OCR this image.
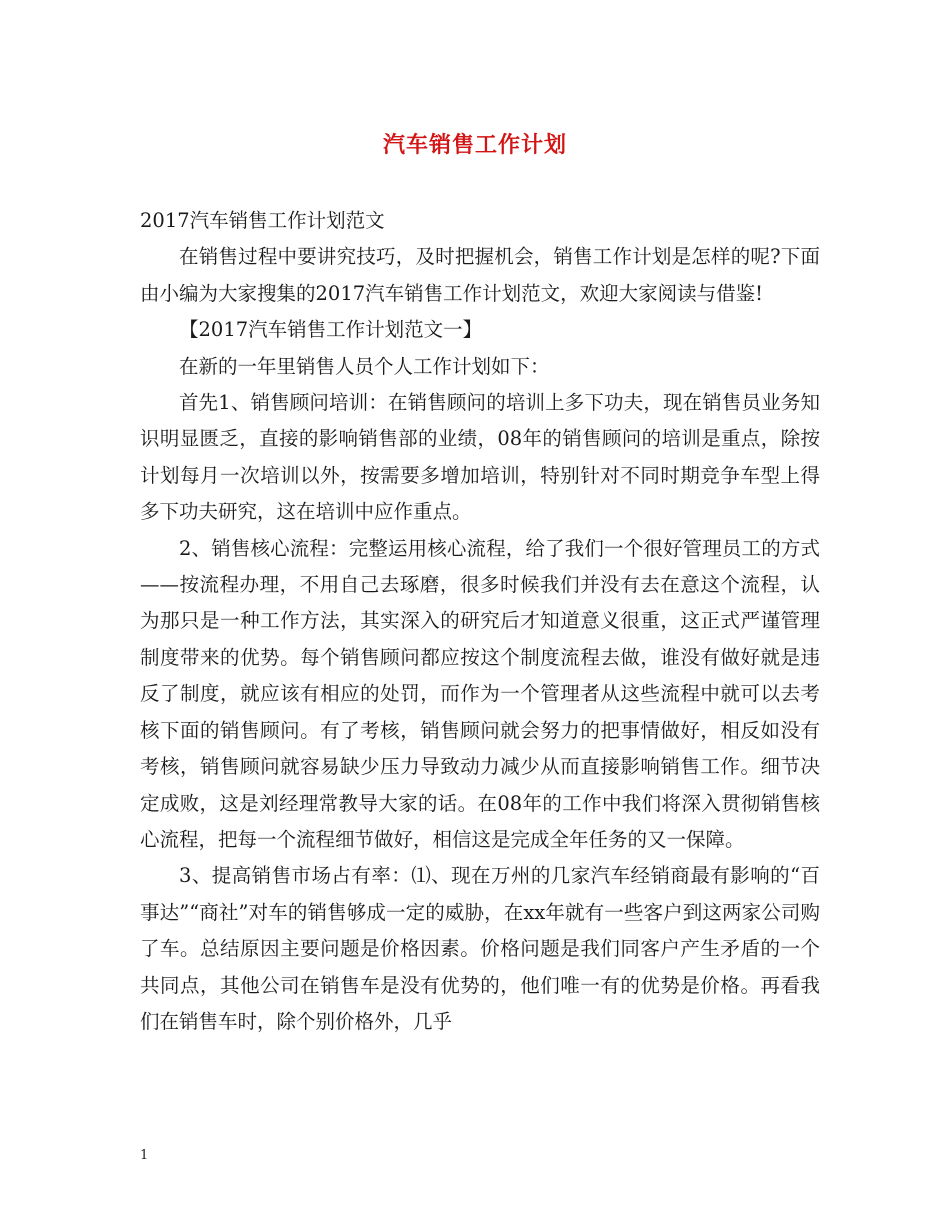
汽车销售工作计划

2017汽车销售工作计划范文

在销售过程中要讲究技巧，及时把握机会，销售工作计划是怎样的呢?下面由小编为大家搜集的2017汽车销售工作计划范文，欢迎大家阅读与借鉴!

【2017汽车销售工作计划范文一】

在新的一年里销售人员个人工作计划如下：

首先1、销售顾问培训：在销售顾问的培训上多下功夫，现在销售员业务知识明显匮乏，直接的影响销售部的业绩，08年的销售顾问的培训是重点，除按计划每月一次培训以外，按需要多增加培训，特别针对不同时期竞争车型上得多下功夫研究，这在培训中应作重点。

2、销售核心流程：完整运用核心流程，给了我们一个很好管理员工的方式——按流程办理，不用自己去琢磨，很多时候我们并没有去在意这个流程，认为那只是一种工作方法，其实深入的研究后才知道意义很重，这正式严谨管理制度带来的优势。每个销售顾问都应按这个制度流程去做，谁没有做好就是违反了制度，就应该有相应的处罚，而作为一个管理者从这些流程中就可以去考核下面的销售顾问。有了考核，销售顾问就会努力的把事情做好，相反如没有考核，销售顾问就容易缺少压力导致动力减少从而直接影响销售工作。细节决定成败，这是刘经理常教导大家的话。在08年的工作中我们将深入贯彻销售核心流程，把每一个流程细节做好，相信这是完成全年任务的又一保障。

3、提高销售市场占有率：⑴、现在万州的几家汽车经销商最有影响的“百事达”“商社”对车的销售够成一定的威胁，在xx年就有一些客户到这两家公司购了车。总结原因主要问题是价格因素。价格问题是我们同客户产生矛盾的一个共同点，其他公司在销售车是没有优势的，他们唯一有的优势是价格。再看我们在销售车时，除个别价格外，几乎

1
